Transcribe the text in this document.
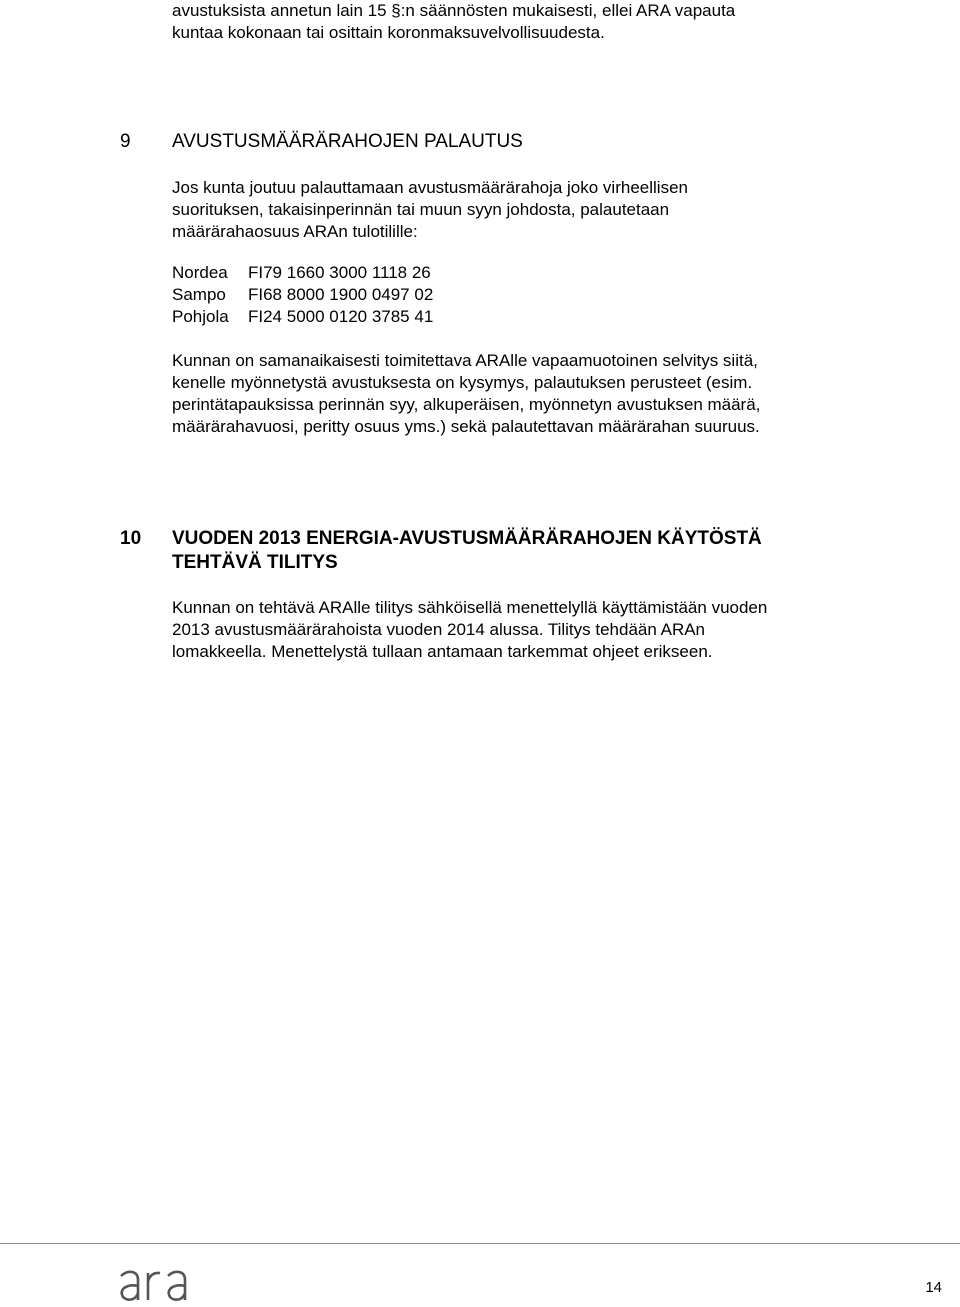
avustuksista annetun lain 15 §:n säännösten mukaisesti, ellei ARA vapauta
kuntaa kokonaan tai osittain koronmaksuvelvollisuudesta.

9 AVUSTUSMÄÄRÄRAHOJEN PALAUTUS

Jos kunta joutuu palauttamaan avustusmäärärahoja joko virheellisen
suorituksen, takaisinperinnän tai muun syyn johdosta, palautetaan
määrärahaosuus ARAn tulotilille:

Nordea	FI79 1660 3000 1118 26
Sampo	FI68 8000 1900 0497 02
Pohjola	FI24 5000 0120 3785 41

Kunnan on samanaikaisesti toimitettava ARAlle vapaamuotoinen selvitys siitä,
kenelle myönnetystä avustuksesta on kysymys, palautuksen perusteet (esim.
perintätapauksissa perinnän syy, alkuperäisen, myönnetyn avustuksen määrä,
määrärahavuosi, peritty osuus yms.) sekä palautettavan määrärahan suuruus.

10 VUODEN 2013 ENERGIA-AVUSTUSMÄÄRÄRAHOJEN KÄYTÖSTÄ
TEHTÄVÄ TILITYS

Kunnan on tehtävä ARAlle tilitys sähköisellä menettelyllä käyttämistään vuoden
2013 avustusmäärärahoista vuoden 2014 alussa. Tilitys tehdään ARAn
lomakkeella. Menettelystä tullaan antamaan tarkemmat ohjeet erikseen.

14
